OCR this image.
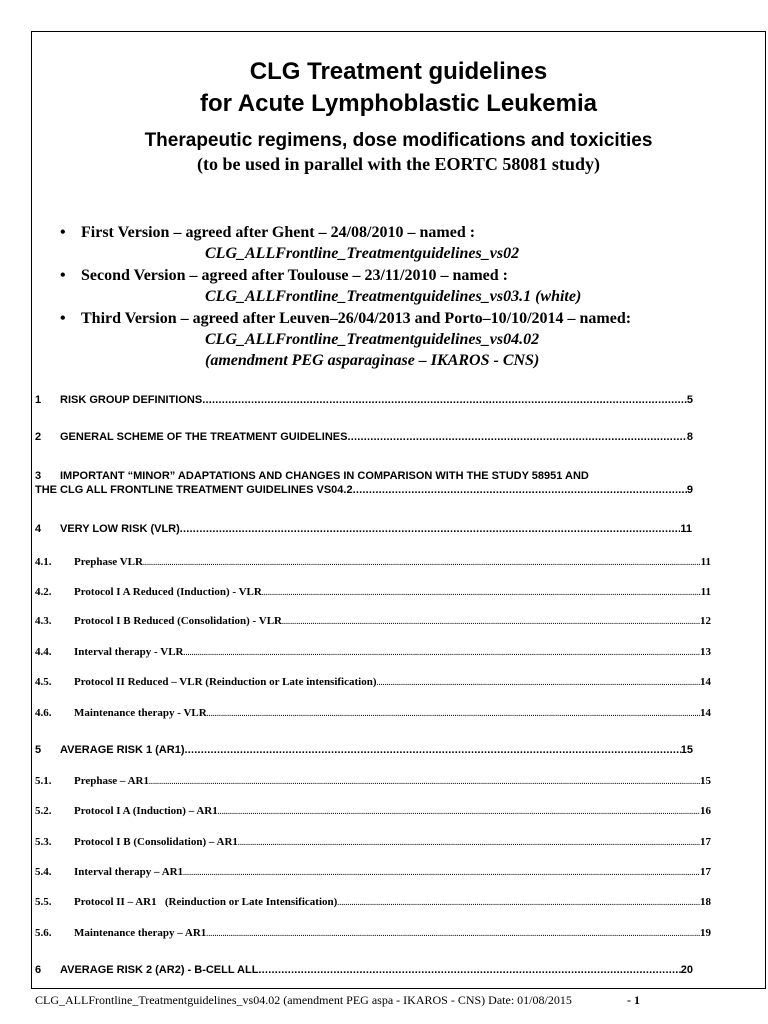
CLG Treatment guidelines
for Acute Lymphoblastic Leukemia
Therapeutic regimens, dose modifications and toxicities
(to be used in parallel with the EORTC 58081 study)
• First Version – agreed after Ghent – 24/08/2010 – named :
CLG_ALLFrontline_Treatmentguidelines_vs02
• Second Version – agreed after Toulouse – 23/11/2010 – named :
CLG_ALLFrontline_Treatmentguidelines_vs03.1 (white)
• Third Version – agreed after Leuven–26/04/2013 and Porto–10/10/2014 – named:
CLG_ALLFrontline_Treatmentguidelines_vs04.02
(amendment PEG asparaginase – IKAROS - CNS)
1	RISK GROUP DEFINITIONS .....	5
2	GENERAL SCHEME OF THE TREATMENT GUIDELINES .....	8
3 IMPORTANT “MINOR” ADAPTATIONS AND CHANGES IN COMPARISON WITH THE STUDY 58951 AND
THE CLG ALL FRONTLINE TREATMENT GUIDELINES VS04.2 .....	9
4	VERY LOW RISK (VLR) .....	11
4.1.	Prephase VLR .....	11
4.2.	Protocol I A Reduced (Induction) - VLR .....	11
4.3.	Protocol I B Reduced (Consolidation) - VLR .....	12
4.4.	Interval therapy - VLR .....	13
4.5.	Protocol II Reduced – VLR (Reinduction or Late intensification) .....	14
4.6.	Maintenance therapy - VLR .....	14
5	AVERAGE RISK 1 (AR1) .....	15
5.1.	Prephase – AR1 .....	15
5.2.	Protocol I A (Induction) – AR1 .....	16
5.3.	Protocol I B (Consolidation) – AR1 .....	17
5.4.	Interval therapy – AR1 .....	17
5.5.	Protocol II – AR1   (Reinduction or Late Intensification) .....	18
5.6.	Maintenance therapy – AR1 .....	19
6	AVERAGE RISK 2 (AR2) - B-CELL ALL .....	20
CLG_ALLFrontline_Treatmentguidelines_vs04.02 (amendment PEG aspa - IKAROS - CNS) Date: 01/08/2015	- 1
